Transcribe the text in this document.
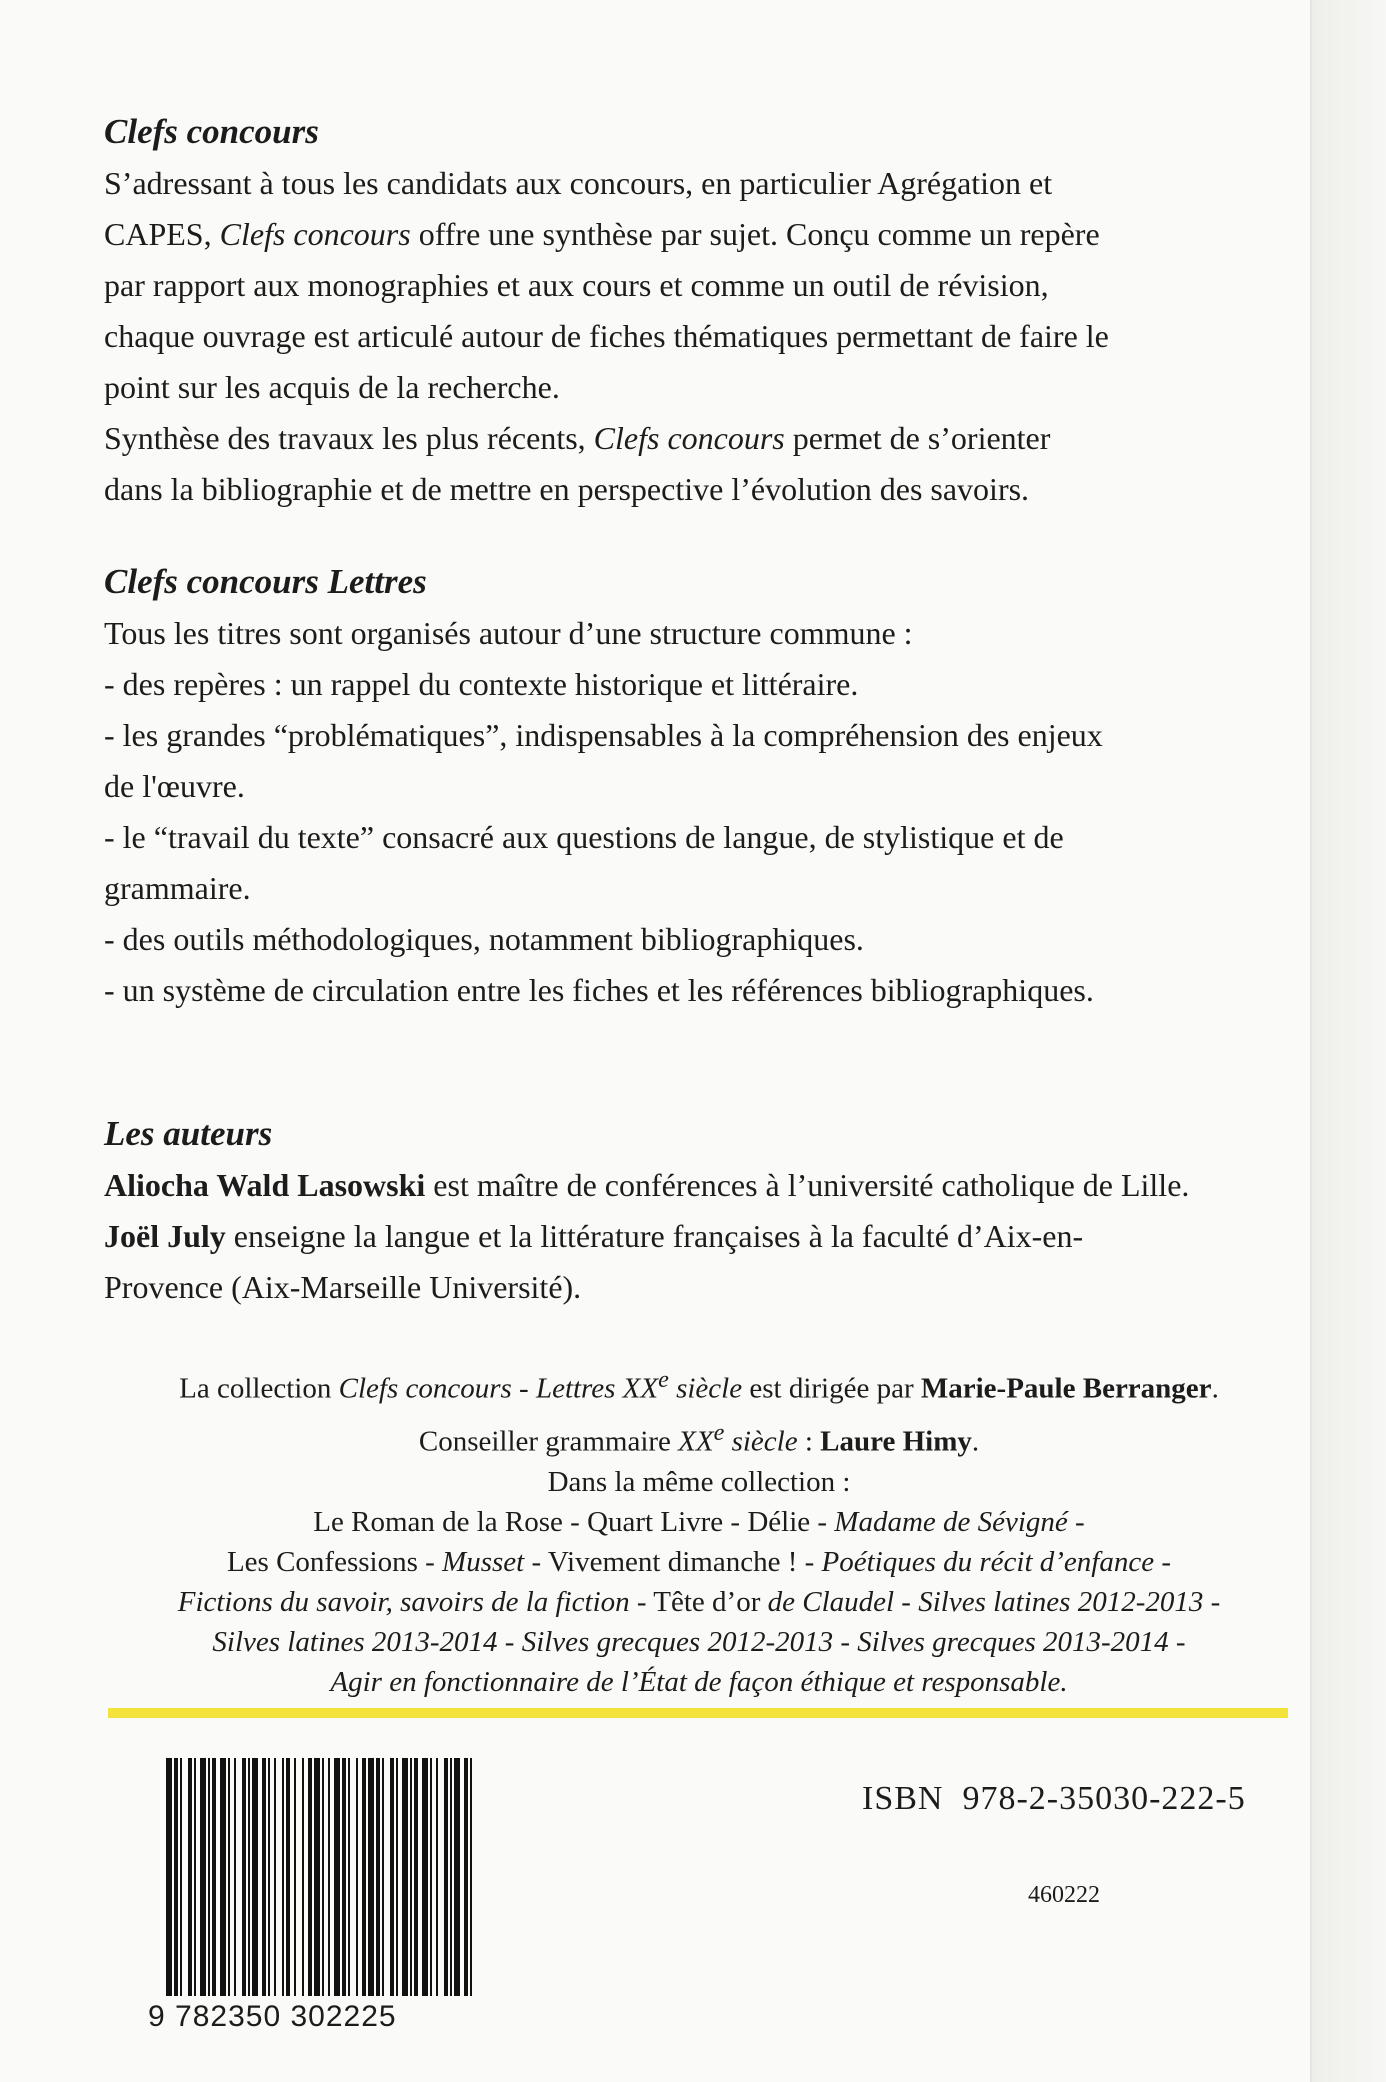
Clefs concours

S’adressant à tous les candidats aux concours, en particulier Agrégation et

CAPES, Clefs concours offre une synthèse par sujet. Conçu comme un repère

par rapport aux monographies et aux cours et comme un outil de révision,

chaque ouvrage est articulé autour de fiches thématiques permettant de faire le

point sur les acquis de la recherche.

Synthèse des travaux les plus récents, Clefs concours permet de s’orienter

dans la bibliographie et de mettre en perspective l’évolution des savoirs.

Clefs concours Lettres

Tous les titres sont organisés autour d’une structure commune :

- des repères : un rappel du contexte historique et littéraire.

- les grandes “problématiques”, indispensables à la compréhension des enjeux

de l'œuvre.

- le “travail du texte” consacré aux questions de langue, de stylistique et de

grammaire.

- des outils méthodologiques, notamment bibliographiques.

- un système de circulation entre les fiches et les références bibliographiques.

Les auteurs

Aliocha Wald Lasowski est maître de conférences à l’université catholique de Lille.

Joël July enseigne la langue et la littérature françaises à la faculté d’Aix-en-

Provence (Aix-Marseille Université).

La collection Clefs concours - Lettres XXe siècle est dirigée par Marie-Paule Berranger.

Conseiller grammaire XXe siècle : Laure Himy.

Dans la même collection :

Le Roman de la Rose - Quart Livre - Délie - Madame de Sévigné -

Les Confessions - Musset - Vivement dimanche ! - Poétiques du récit d’enfance -

Fictions du savoir, savoirs de la fiction - Tête d’or de Claudel - Silves latines 2012-2013 -

Silves latines 2013-2014 - Silves grecques 2012-2013 - Silves grecques 2013-2014 -

Agir en fonctionnaire de l’État de façon éthique et responsable.

9 782350 302225
ISBN 978-2-35030-222-5
460222
